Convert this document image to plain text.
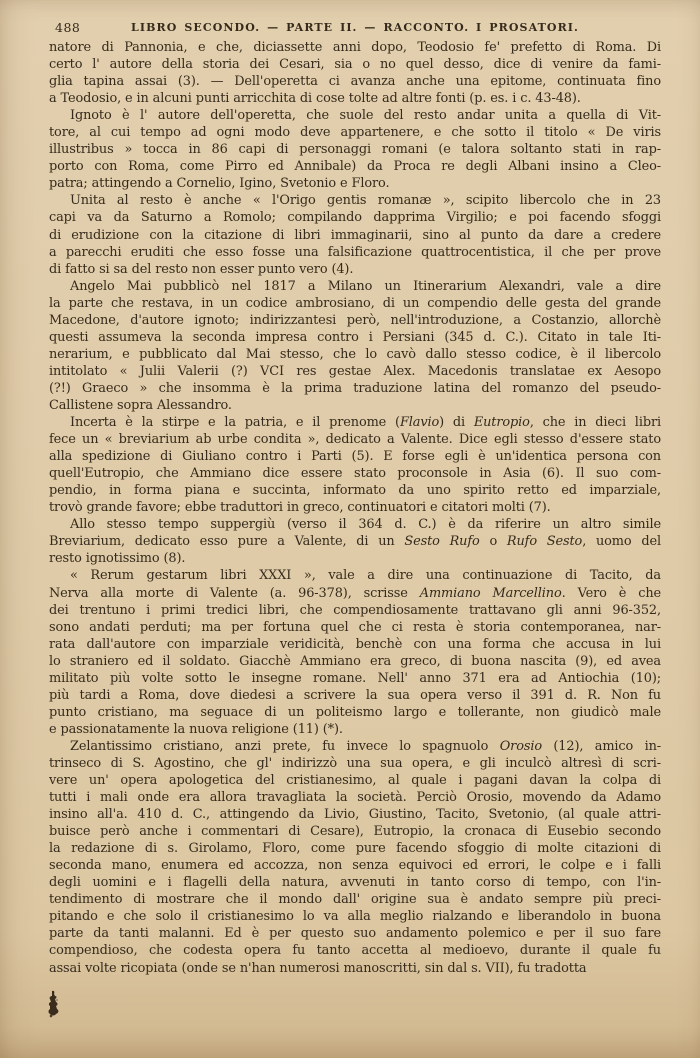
488	LIBRO SECONDO. — PARTE II. — RACCONTO. I PROSATORI.
natore di Pannonia, e che, diciassette anni dopo, Teodosio fe' prefetto di Roma. Di
certo l' autore della storia dei Cesari, sia o no quel desso, dice di venire da fami-
glia tapina assai (3). — Dell'operetta ci avanza anche una epitome, continuata fino
a Teodosio, e in alcuni punti arricchita di cose tolte ad altre fonti (p. es. i c. 43-48).
Ignoto è l' autore dell'operetta, che suole del resto andar unita a quella di Vit-
tore, al cui tempo ad ogni modo deve appartenere, e che sotto il titolo « De viris
illustribus » tocca in 86 capi di personaggi romani (e talora soltanto stati in rap-
porto con Roma, come Pirro ed Annibale) da Proca re degli Albani insino a Cleo-
patra; attingendo a Cornelio, Igino, Svetonio e Floro.
Unita al resto è anche « l'Origo gentis romanæ », scipito libercolo che in 23
capi va da Saturno a Romolo; compilando dapprima Virgilio; e poi facendo sfoggi
di erudizione con la citazione di libri immaginarii, sino al punto da dare a credere
a parecchi eruditi che esso fosse una falsificazione quattrocentistica, il che per prove
di fatto si sa del resto non esser punto vero (4).
Angelo Mai pubblicò nel 1817 a Milano un Itinerarium Alexandri, vale a dire
la parte che restava, in un codice ambrosiano, di un compendio delle gesta del grande
Macedone, d'autore ignoto; indirizzantesi però, nell'introduzione, a Costanzio, allorchè
questi assumeva la seconda impresa contro i Persiani (345 d. C.). Citato in tale Iti-
nerarium, e pubblicato dal Mai stesso, che lo cavò dallo stesso codice, è il libercolo
intitolato « Julii Valerii (?) VCI res gestae Alex. Macedonis translatae ex Aesopo
(?!) Graeco » che insomma è la prima traduzione latina del romanzo del pseudo-
Callistene sopra Alessandro.
Incerta è la stirpe e la patria, e il prenome (Flavio) di Eutropio, che in dieci libri
fece un « breviarium ab urbe condita », dedicato a Valente. Dice egli stesso d'essere stato
alla spedizione di Giuliano contro i Parti (5). E forse egli è un'identica persona con
quell'Eutropio, che Ammiano dice essere stato proconsole in Asia (6). Il suo com-
pendio, in forma piana e succinta, informato da uno spirito retto ed imparziale,
trovò grande favore; ebbe traduttori in greco, continuatori e citatori molti (7).
Allo stesso tempo suppergiù (verso il 364 d. C.) è da riferire un altro simile
Breviarium, dedicato esso pure a Valente, di un Sesto Rufo o Rufo Sesto, uomo del
resto ignotissimo (8).
« Rerum gestarum libri XXXI », vale a dire una continuazione di Tacito, da
Nerva alla morte di Valente (a. 96-378), scrisse Ammiano Marcellino. Vero è che
dei trentuno i primi tredici libri, che compendiosamente trattavano gli anni 96-352,
sono andati perduti; ma per fortuna quel che ci resta è storia contemporanea, nar-
rata dall'autore con imparziale veridicità, benchè con una forma che accusa in lui
lo straniero ed il soldato. Giacchè Ammiano era greco, di buona nascita (9), ed avea
militato più volte sotto le insegne romane. Nell' anno 371 era ad Antiochia (10);
più tardi a Roma, dove diedesi a scrivere la sua opera verso il 391 d. R. Non fu
punto cristiano, ma seguace di un politeismo largo e tollerante, non giudicò male
e passionatamente la nuova religione (11) (*).
Zelantissimo cristiano, anzi prete, fu invece lo spagnuolo Orosio (12), amico in-
trinseco di S. Agostino, che gl' indirizzò una sua opera, e gli inculcò altresì di scri-
vere un' opera apologetica del cristianesimo, al quale i pagani davan la colpa di
tutti i mali onde era allora travagliata la società. Perciò Orosio, movendo da Adamo
insino all'a. 410 d. C., attingendo da Livio, Giustino, Tacito, Svetonio, (al quale attri-
buisce però anche i commentari di Cesare), Eutropio, la cronaca di Eusebio secondo
la redazione di s. Girolamo, Floro, come pure facendo sfoggio di molte citazioni di
seconda mano, enumera ed accozza, non senza equivoci ed errori, le colpe e i falli
degli uomini e i flagelli della natura, avvenuti in tanto corso di tempo, con l'in-
tendimento di mostrare che il mondo dall' origine sua è andato sempre più preci-
pitando e che solo il cristianesimo lo va alla meglio rialzando e liberandolo in buona
parte da tanti malanni. Ed è per questo suo andamento polemico e per il suo fare
compendioso, che codesta opera fu tanto accetta al medioevo, durante il quale fu
assai volte ricopiata (onde se n'han numerosi manoscritti, sin dal s. VII), fu tradotta
